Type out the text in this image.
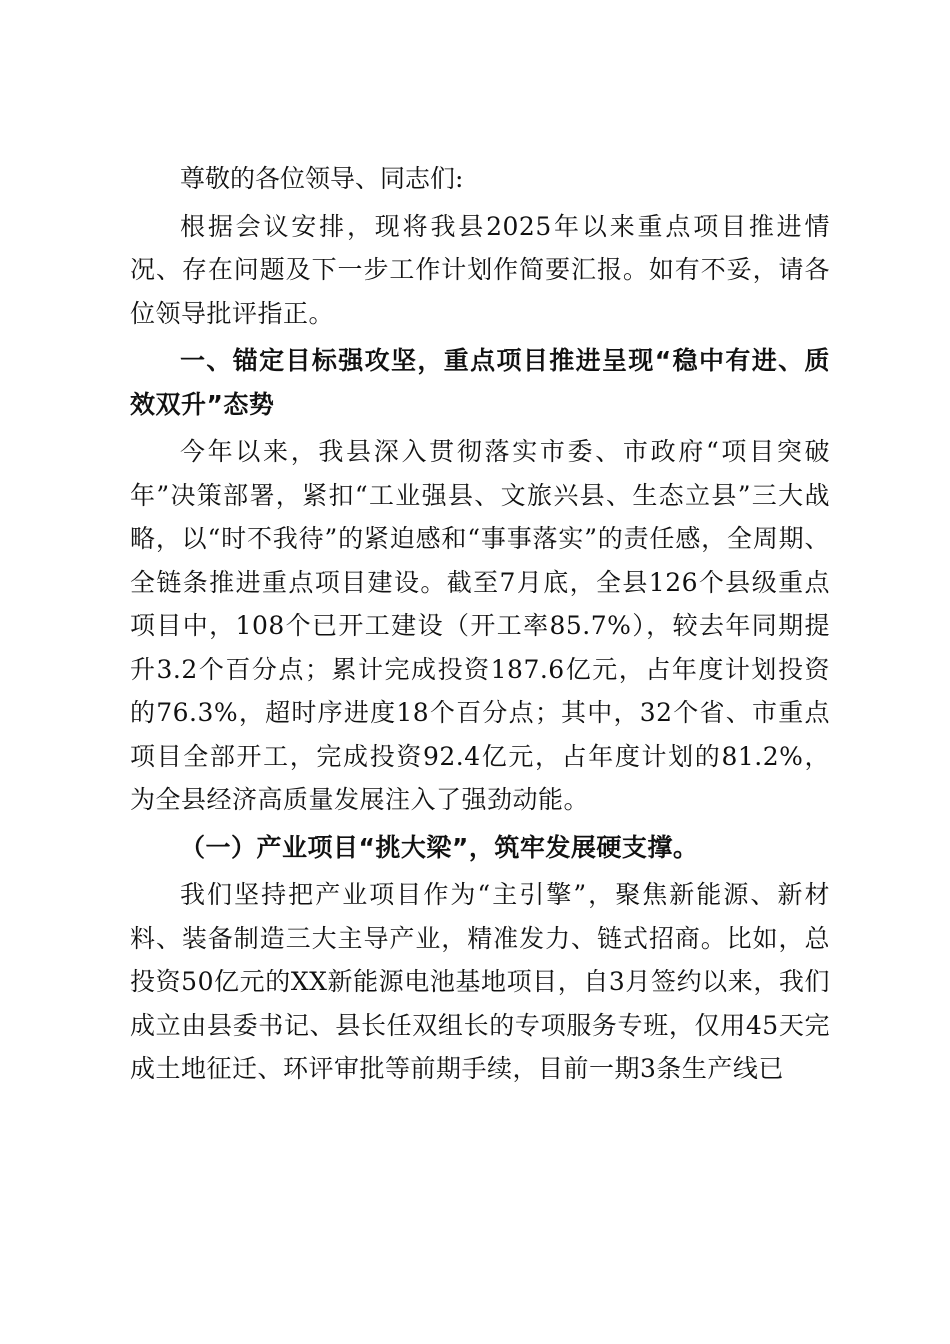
尊敬的各位领导、同志们:

根据会议安排，现将我县2025年以来重点项目推进情况、存在问题及下一步工作计划作简要汇报。如有不妥，请各位领导批评指正。

一、锚定目标强攻坚，重点项目推进呈现“稳中有进、质效双升”态势

今年以来，我县深入贯彻落实市委、市政府“项目突破年”决策部署，紧扣“工业强县、文旅兴县、生态立县”三大战略，以“时不我待”的紧迫感和“事事落实”的责任感，全周期、全链条推进重点项目建设。截至7月底，全县126个县级重点项目中，108个已开工建设（开工率85.7%），较去年同期提升3.2个百分点；累计完成投资187.6亿元，占年度计划投资的76.3%，超时序进度18个百分点；其中，32个省、市重点项目全部开工，完成投资92.4亿元，占年度计划的81.2%，为全县经济高质量发展注入了强劲动能。

（一）产业项目“挑大梁”，筑牢发展硬支撑。

我们坚持把产业项目作为“主引擎”，聚焦新能源、新材料、装备制造三大主导产业，精准发力、链式招商。比如，总投资50亿元的XX新能源电池基地项目，自3月签约以来，我们成立由县委书记、县长任双组长的专项服务专班，仅用45天完成土地征迁、环评审批等前期手续，目前一期3条生产线已
